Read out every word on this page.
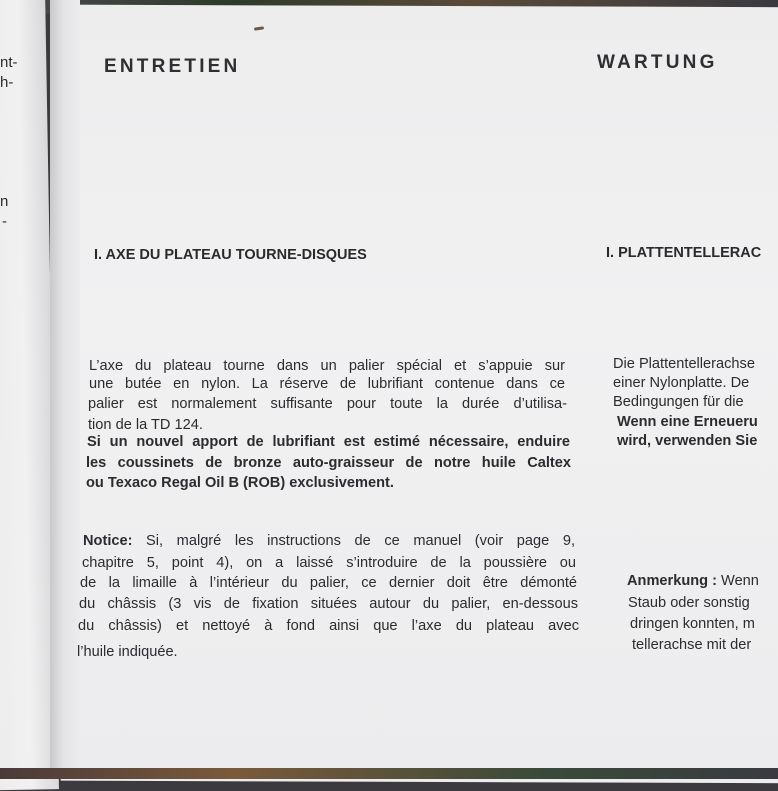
nt-
h-
n
-
ENTRETIEN	WARTUNG
I. AXE DU PLATEAU TOURNE-DISQUES	I. PLATTENTELLERAC
L’axe du plateau tourne dans un palier spécial et s’appuie sur
une butée en nylon. La réserve de lubrifiant contenue dans ce
palier est normalement suffisante pour toute la durée d’utilisa-
tion de la TD 124.
Si un nouvel apport de lubrifiant est estimé nécessaire, enduire
les coussinets de bronze auto-graisseur de notre huile Caltex
ou Texaco Regal Oil B (ROB) exclusivement.
Notice: Si, malgré les instructions de ce manuel (voir page 9,
chapitre 5, point 4), on a laissé s’introduire de la poussière ou
de la limaille à l’intérieur du palier, ce dernier doit être démonté
du châssis (3 vis de fixation situées autour du palier, en-dessous
du châssis) et nettoyé à fond ainsi que l’axe du plateau avec
l’huile indiquée.
Die Plattentellerachse
einer Nylonplatte. De
Bedingungen für die
Wenn eine Erneueru
wird, verwenden Sie
Anmerkung : Wenn
Staub oder sonstig
dringen konnten, m
tellerachse mit der
